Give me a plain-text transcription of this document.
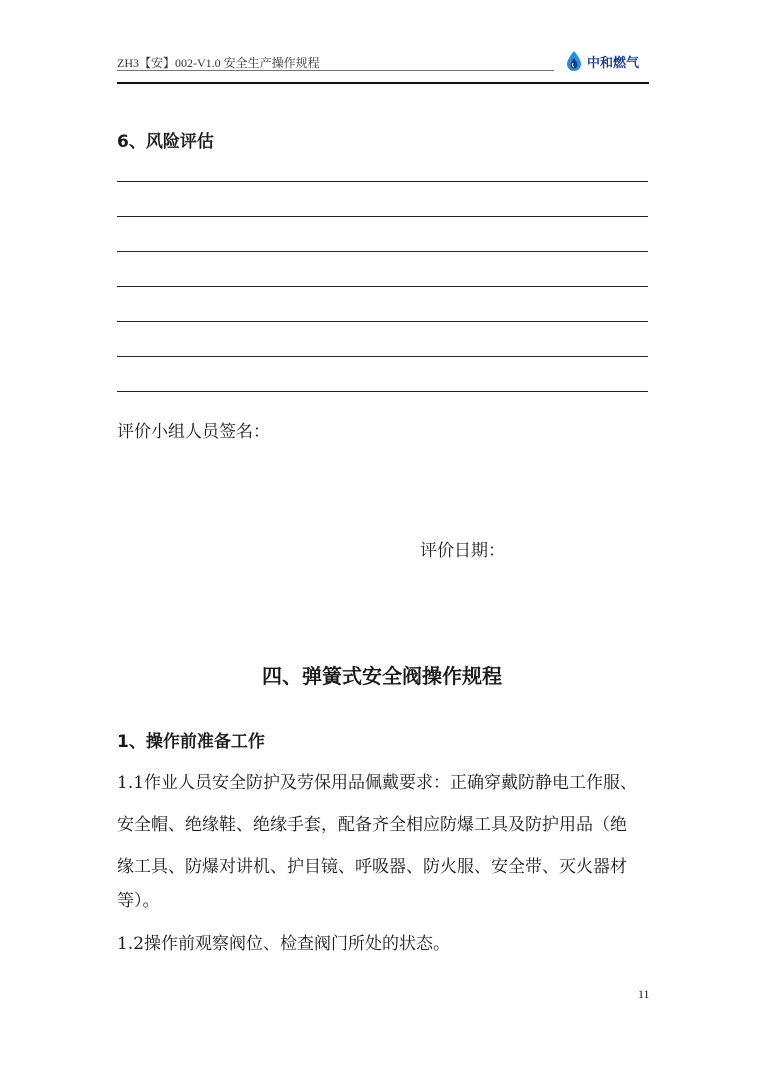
ZH3【安】002-V1.0 安全生产操作规程	中和燃气
6、风险评估
评价小组人员签名：
评价日期：
四、弹簧式安全阀操作规程
1、操作前准备工作
1.1作业人员安全防护及劳保用品佩戴要求：正确穿戴防静电工作服、
安全帽、绝缘鞋、绝缘手套，配备齐全相应防爆工具及防护用品（绝
缘工具、防爆对讲机、护目镜、呼吸器、防火服、安全带、灭火器材
等）。
1.2操作前观察阀位、检查阀门所处的状态。
11
